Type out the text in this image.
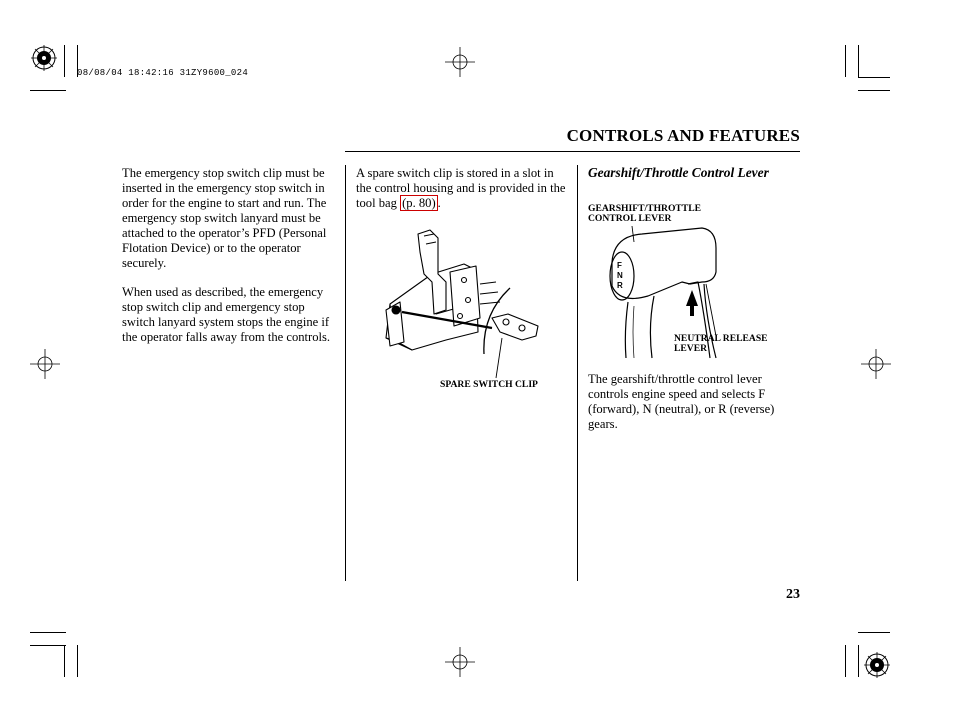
08/08/04 18:42:16 31ZY9600_024
CONTROLS AND FEATURES

The emergency stop switch clip must be inserted in the emergency stop switch in order for the engine to start and run. The emergency stop switch lanyard must be attached to the operator’s PFD (Personal Flotation Device) or to the operator securely.

When used as described, the emergency stop switch clip and emergency stop switch lanyard system stops the engine if the operator falls away from the controls.

A spare switch clip is stored in a slot in the control housing and is provided in the tool bag (p. 80) .

SPARE SWITCH CLIP
Gearshift/Throttle Control Lever
GEARSHIFT/THROTTLE CONTROL LEVER
F
N
R
NEUTRAL RELEASE LEVER

The gearshift/throttle control lever controls engine speed and selects F (forward), N (neutral), or R (reverse) gears.

23
